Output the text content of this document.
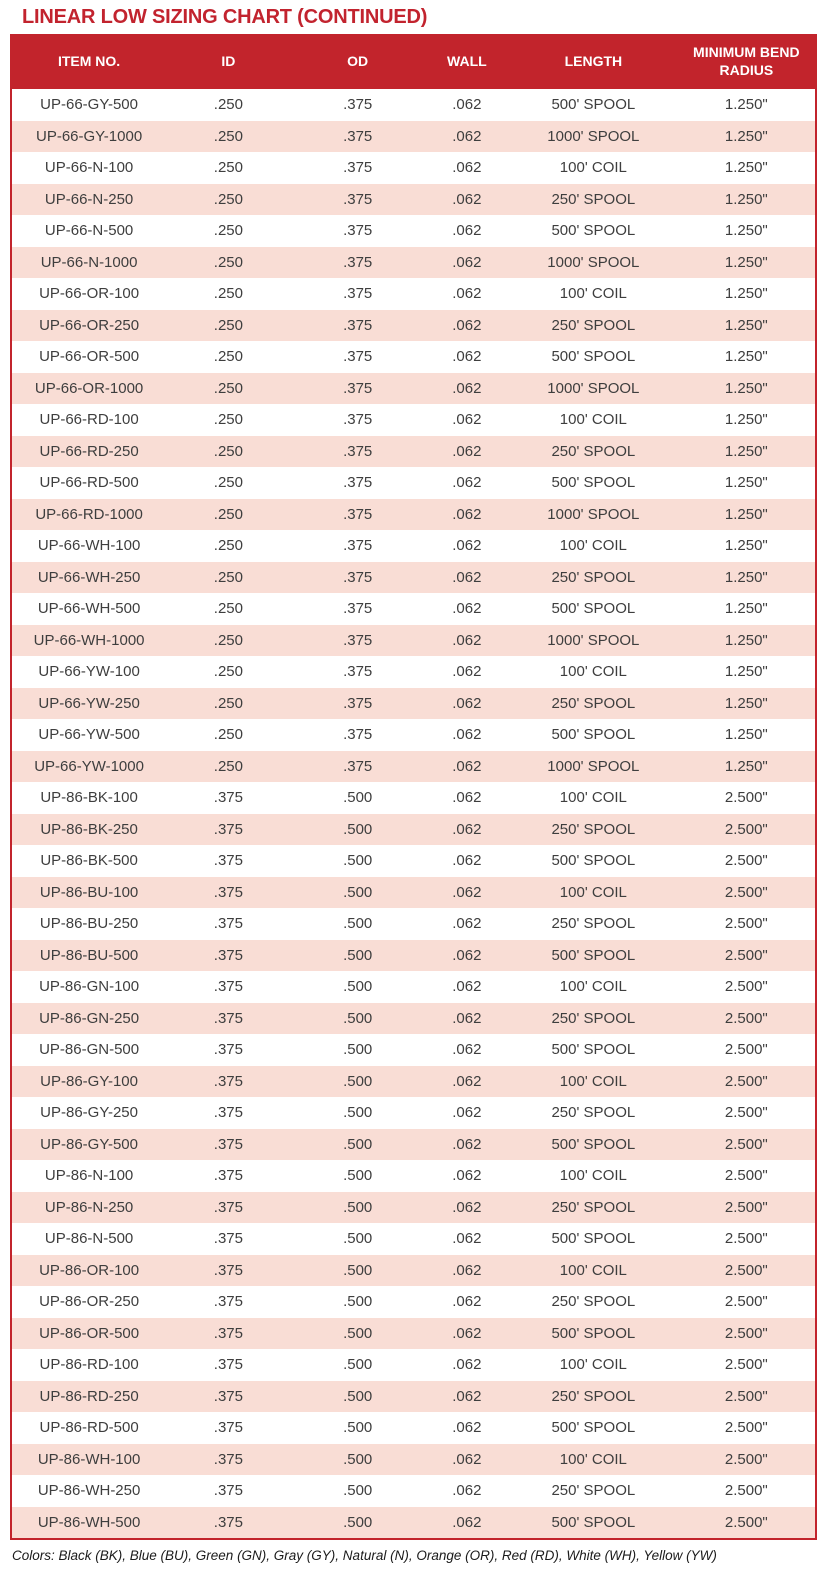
LINEAR LOW SIZING CHART (CONTINUED)
ITEM NO.	ID	OD	WALL	LENGTH	MINIMUM BEND RADIUS
UP-66-GY-500	.250	.375	.062	500' SPOOL	1.250"
UP-66-GY-1000	.250	.375	.062	1000' SPOOL	1.250"
UP-66-N-100	.250	.375	.062	100' COIL	1.250"
UP-66-N-250	.250	.375	.062	250' SPOOL	1.250"
UP-66-N-500	.250	.375	.062	500' SPOOL	1.250"
UP-66-N-1000	.250	.375	.062	1000' SPOOL	1.250"
UP-66-OR-100	.250	.375	.062	100' COIL	1.250"
UP-66-OR-250	.250	.375	.062	250' SPOOL	1.250"
UP-66-OR-500	.250	.375	.062	500' SPOOL	1.250"
UP-66-OR-1000	.250	.375	.062	1000' SPOOL	1.250"
UP-66-RD-100	.250	.375	.062	100' COIL	1.250"
UP-66-RD-250	.250	.375	.062	250' SPOOL	1.250"
UP-66-RD-500	.250	.375	.062	500' SPOOL	1.250"
UP-66-RD-1000	.250	.375	.062	1000' SPOOL	1.250"
UP-66-WH-100	.250	.375	.062	100' COIL	1.250"
UP-66-WH-250	.250	.375	.062	250' SPOOL	1.250"
UP-66-WH-500	.250	.375	.062	500' SPOOL	1.250"
UP-66-WH-1000	.250	.375	.062	1000' SPOOL	1.250"
UP-66-YW-100	.250	.375	.062	100' COIL	1.250"
UP-66-YW-250	.250	.375	.062	250' SPOOL	1.250"
UP-66-YW-500	.250	.375	.062	500' SPOOL	1.250"
UP-66-YW-1000	.250	.375	.062	1000' SPOOL	1.250"
UP-86-BK-100	.375	.500	.062	100' COIL	2.500"
UP-86-BK-250	.375	.500	.062	250' SPOOL	2.500"
UP-86-BK-500	.375	.500	.062	500' SPOOL	2.500"
UP-86-BU-100	.375	.500	.062	100' COIL	2.500"
UP-86-BU-250	.375	.500	.062	250' SPOOL	2.500"
UP-86-BU-500	.375	.500	.062	500' SPOOL	2.500"
UP-86-GN-100	.375	.500	.062	100' COIL	2.500"
UP-86-GN-250	.375	.500	.062	250' SPOOL	2.500"
UP-86-GN-500	.375	.500	.062	500' SPOOL	2.500"
UP-86-GY-100	.375	.500	.062	100' COIL	2.500"
UP-86-GY-250	.375	.500	.062	250' SPOOL	2.500"
UP-86-GY-500	.375	.500	.062	500' SPOOL	2.500"
UP-86-N-100	.375	.500	.062	100' COIL	2.500"
UP-86-N-250	.375	.500	.062	250' SPOOL	2.500"
UP-86-N-500	.375	.500	.062	500' SPOOL	2.500"
UP-86-OR-100	.375	.500	.062	100' COIL	2.500"
UP-86-OR-250	.375	.500	.062	250' SPOOL	2.500"
UP-86-OR-500	.375	.500	.062	500' SPOOL	2.500"
UP-86-RD-100	.375	.500	.062	100' COIL	2.500"
UP-86-RD-250	.375	.500	.062	250' SPOOL	2.500"
UP-86-RD-500	.375	.500	.062	500' SPOOL	2.500"
UP-86-WH-100	.375	.500	.062	100' COIL	2.500"
UP-86-WH-250	.375	.500	.062	250' SPOOL	2.500"
UP-86-WH-500	.375	.500	.062	500' SPOOL	2.500"

Colors: Black (BK), Blue (BU), Green (GN), Gray (GY), Natural (N), Orange (OR), Red (RD), White (WH), Yellow (YW)
